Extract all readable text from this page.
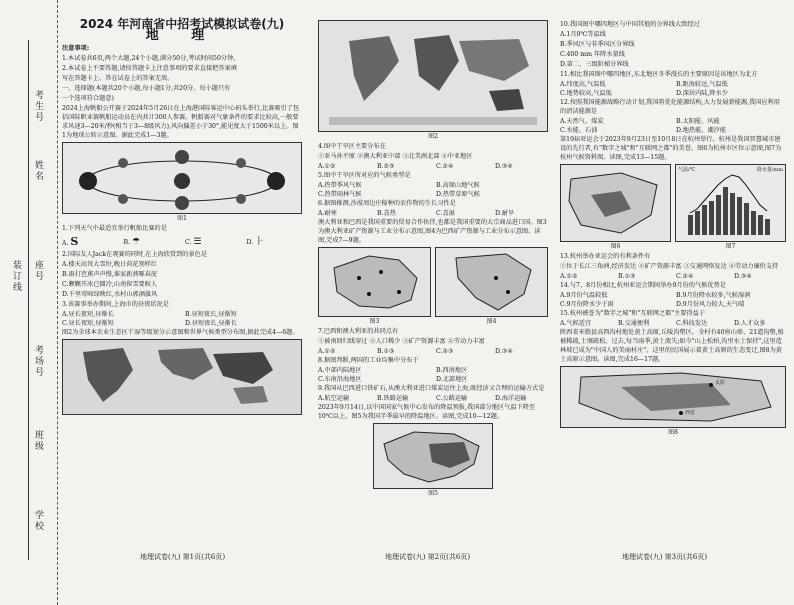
考生号
姓名
座号
装订线
考场号
班级
学校
2024 年河南省中招考试模拟试卷(九)
地 理

注意事项:

1.本试卷共6页,两个大题,24个小题,满分50分,考试时间50分钟。

2.本试卷上不要答题,请按答题卡上注意事项的要求直接把答案填

写在答题卡上。答在试卷上的答案无效。

一、选择题(本题共20个小题,每小题1分,共20分。每小题只有

一个选项符合题意)

2024上海帆船公开赛于2024年5月26日在上海港国际客运中心码头举行,比赛吸引了包括国际职业赛帆船运动员在内共计300人参赛。帆船赛对气象条件的要求比较高,一般要求风速3—20米/秒(相当于3—8级风力),风向偏差小于30°,能见度大于1500米以上。图1为地球公转示意图。据此完成1—3题。

图1

1.下列天气中最适宜举行帆船比赛的是

A. S	B. ☂	C. ☰	D. ⺊

2.国际友人Jack在观赛的同时,在上海欣赏到的景色是

A.楼天高耸大雪纷,晚日荷花别样红

B.雨打芭蕉声声慢,谁家新燕啄春泥

C.颗颗开冰已僵冷,山南留雪要候人

D.千里莺啼绿映红,水村山郭酒旗风

3.该赛事举办期间,上海市的昼夜状况是

A.昼长夜短,昼渐长	B.昼短夜长,昼渐短
C.昼长夜短,昼渐短	D.昼短夜长,昼渐长

图2为全球本农业生态区干湿等级划分示意图和世界气候类型分布图,据此完成4—6题。

地理试卷(九) 第1页(共6页)

图2

4.图中干旱区主要分布在

①亚马孙平原 ②澳大利亚中部 ③北美洲北部 ④中亚地区

A.①②	B.②③	C.②④	D.③④

5.图中干旱区所对应的气候类型是

A.热带季风气候	B.高原山地气候
C.热带雨林气候	D.热带草原气候

6.据图推测,沙漠周边庄稼种的农作物的生长习性是

A.耐寒	B.喜热	C.喜湿	D.耐旱

澳大利亚和巴西是我国重要的贸易合作伙伴,也都是我国重要的大宗商品进口国。图3为澳大利亚矿产资源与工业分布示意图,图4为巴西矿产资源与工业分布示意图。读图,完成7—9题。

图3	图4

7.巴西和澳大利亚的共同点有

①被南回归线穿过 ②人口稀少 ③矿产资源丰富 ④劳动力丰富

A.①②	B.①③	C.②③	D.③④

8.据图判断,两国的工业均集中分布于

A.中部内陆地区	B.西南地区
C.东南沿海地区	D.北部地区

9.我国从巴西进口铁矿石,从澳大利亚进口煤炭运往上海,既经济又合理的运输方式是

A.航空运输	B.铁路运输	C.公路运输	D.海洋运输

2023年9月14日,以中国国家气候中心发布的降温预报,我国部分地区气温下降至10℃以上。图5为我国半季最早的降温地区。读图,完成10—12题。

图5

地理试卷(九) 第2页(共6页)

10.我国图中哪四地区与中国其他的分界线大致经过

A.1月0℃等温线

B.季风区与非季风区分界线

C.400 mm 年降水量线

D.第二、三级阶梯分界线

11.相比我国图中哪四地区,东北地区冬季漫长的主要原因是该地区为北方

A.纬度高,气温低	B.距海较远,气温低
C.地势较高,气温低	D.深居内陆,降水少

12.按照我国能源战略行动计划,我国将优化能源结构,大力发展新能源,我国应利用的清洁能源是

A.天然气、煤炭	B.太阳能、风能
C.水能、石油	D.地热能、潮汐能

第19届亚运会于2023年9月23日至10月8日在杭州举行。杭州是我国智慧城市建设的先行者,有"数字之城"和"互联网之都"的美誉。图6为杭州市区位示意图,图7为杭州气候资料图。读图,完成13—15题。

图6

气温/℃	降水量/mm

图7

13.杭州举办亚运会的有利条件有

①位于长江三角洲,经济发达 ②矿产资源丰富 ③交通网络发达 ④劳动力廉价支持

A.①②	B.①③	C.②④	D.③④

14.与7、8月份相比,杭州亚运会期间举办9月份的气候优势是

A.9月份气温较低	B.9月份降水较多,气候湿润
C.9月份降水少于雨	D.9月份风力较大,天气晴

15.杭州被誉为"数字之城"和"互联网之都"主要得益于

A.气候适宜	B.交通便利	C.科技发达	D.人才众多

陕西省米脂县高西沟村地处黄土高原,丘陵沟壑区。全村有40座山峁、21道沟壑,植被稀疏,土壤疏松。过去,每当雨季,黄土流失;如今"山上松柏,沟里水土保持",这里造林坡已成为"中国人的美丽村庄"。这里的民国展示着黄土高原的生态变迁,图8为黄土高原示意图。读图,完成16—17题。

太原
西安

图8

地理试卷(九) 第3页(共6页)
